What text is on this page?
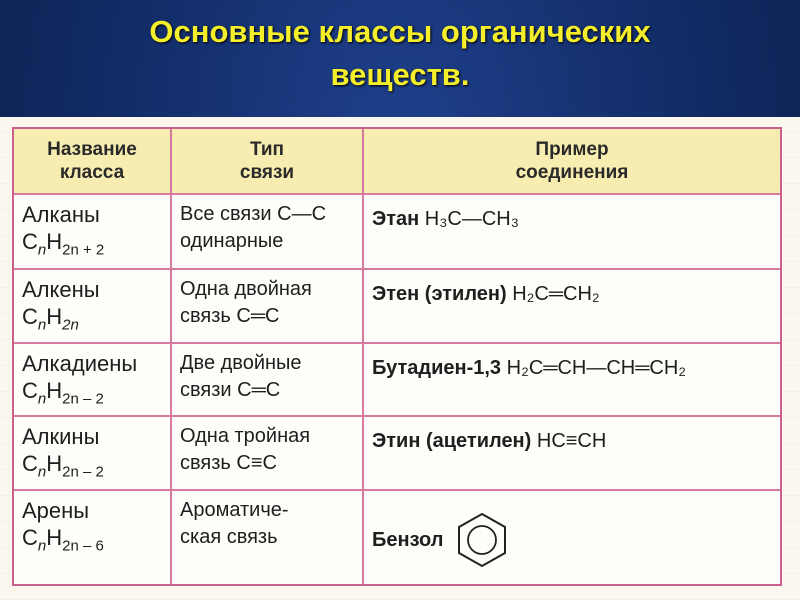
Основные классы органических
веществ.
Название
класса
Тип
связи
Пример
соединения
Алканы
$C_nH_{2n + 2}$
Все связи С—С
одинарные
Этан H₃C—CH₃
Алкены
$C_nH_{2n}$
Одна двойная
связь С═С
Этен (этилен) H₂C═CH₂
Алкадиены
$C_nH_{2n - 2}$
Две двойные
связи С═С
Бутадиен-1,3 H₂C═CH—CH═CH₂
Алкины
$C_nH_{2n - 2}$
Одна тройная
связь С≡С
Этин (ацетилен) HC≡CH
Арены
$C_nH_{2n - 6}$
Ароматиче-
ская связь	Бензол
